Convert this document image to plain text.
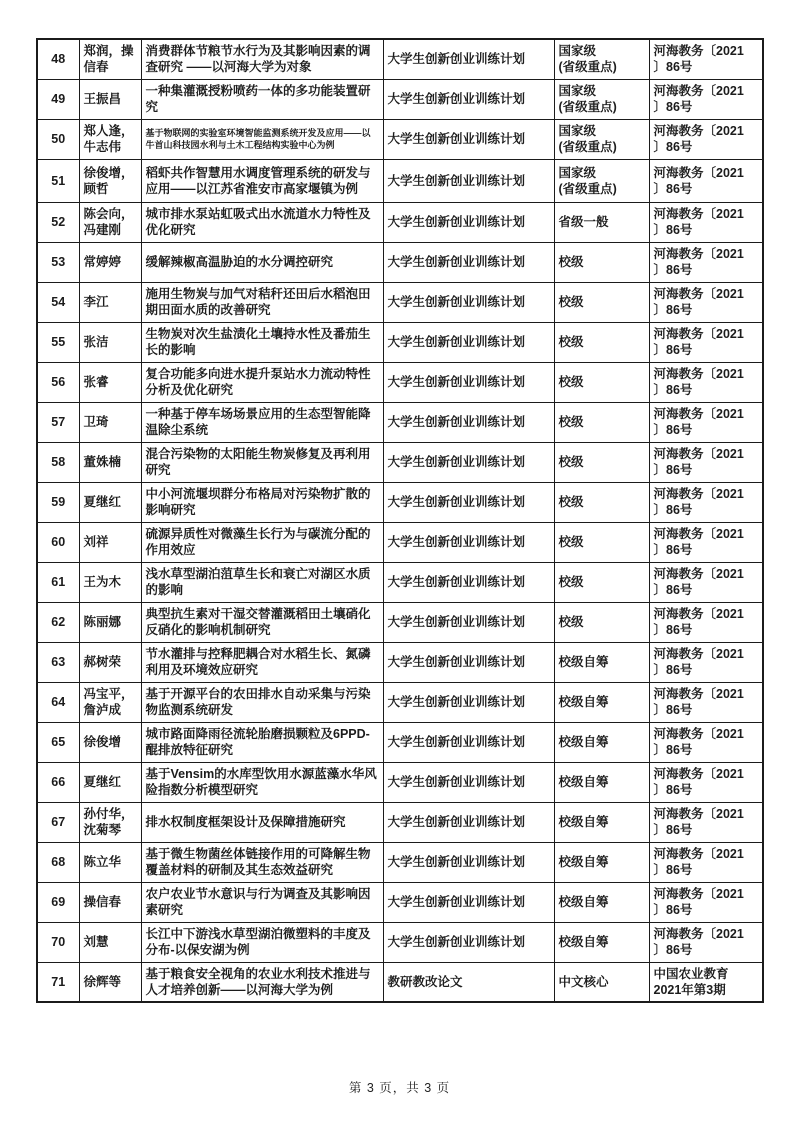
48	郑润，操信春	消费群体节粮节水行为及其影响因素的调查研究 ——以河海大学为对象	大学生创新创业训练计划	国家级
(省级重点)	河海教务〔2021
〕86号
49	王振昌	一种集灌溉授粉喷药一体的多功能装置研究	大学生创新创业训练计划	国家级
(省级重点)	河海教务〔2021
〕86号
50	郑人逢，牛志伟	基于物联网的实验室环境智能监测系统开发及应用——以牛首山科技园水利与土木工程结构实验中心为例	大学生创新创业训练计划	国家级
(省级重点)	河海教务〔2021
〕86号
51	徐俊增，顾哲	稻虾共作智慧用水调度管理系统的研发与应用——以江苏省淮安市高家堰镇为例	大学生创新创业训练计划	国家级
(省级重点)	河海教务〔2021
〕86号
52	陈会向，冯建刚	城市排水泵站虹吸式出水流道水力特性及优化研究	大学生创新创业训练计划	省级一般	河海教务〔2021
〕86号
53	常婷婷	缓解辣椒高温胁迫的水分调控研究	大学生创新创业训练计划	校级	河海教务〔2021
〕86号
54	李江	施用生物炭与加气对秸秆还田后水稻泡田期田面水质的改善研究	大学生创新创业训练计划	校级	河海教务〔2021
〕86号
55	张洁	生物炭对次生盐渍化土壤持水性及番茄生长的影响	大学生创新创业训练计划	校级	河海教务〔2021
〕86号
56	张睿	复合功能多向进水提升泵站水力流动特性分析及优化研究	大学生创新创业训练计划	校级	河海教务〔2021
〕86号
57	卫琦	一种基于停车场场景应用的生态型智能降温除尘系统	大学生创新创业训练计划	校级	河海教务〔2021
〕86号
58	董姝楠	混合污染物的太阳能生物炭修复及再利用研究	大学生创新创业训练计划	校级	河海教务〔2021
〕86号
59	夏继红	中小河流堰坝群分布格局对污染物扩散的影响研究	大学生创新创业训练计划	校级	河海教务〔2021
〕86号
60	刘祥	硫源异质性对微藻生长行为与碳流分配的作用效应	大学生创新创业训练计划	校级	河海教务〔2021
〕86号
61	王为木	浅水草型湖泊菹草生长和衰亡对湖区水质的影响	大学生创新创业训练计划	校级	河海教务〔2021
〕86号
62	陈丽娜	典型抗生素对干湿交替灌溉稻田土壤硝化反硝化的影响机制研究	大学生创新创业训练计划	校级	河海教务〔2021
〕86号
63	郝树荣	节水灌排与控释肥耦合对水稻生长、氮磷利用及环境效应研究	大学生创新创业训练计划	校级自筹	河海教务〔2021
〕86号
64	冯宝平，詹泸成	基于开源平台的农田排水自动采集与污染物监测系统研发	大学生创新创业训练计划	校级自筹	河海教务〔2021
〕86号
65	徐俊增	城市路面降雨径流轮胎磨损颗粒及6PPD-醌排放特征研究	大学生创新创业训练计划	校级自筹	河海教务〔2021
〕86号
66	夏继红	基于Vensim的水库型饮用水源蓝藻水华风险指数分析模型研究	大学生创新创业训练计划	校级自筹	河海教务〔2021
〕86号
67	孙付华，沈菊琴	排水权制度框架设计及保障措施研究	大学生创新创业训练计划	校级自筹	河海教务〔2021
〕86号
68	陈立华	基于微生物菌丝体链接作用的可降解生物覆盖材料的研制及其生态效益研究	大学生创新创业训练计划	校级自筹	河海教务〔2021
〕86号
69	操信春	农户农业节水意识与行为调查及其影响因素研究	大学生创新创业训练计划	校级自筹	河海教务〔2021
〕86号
70	刘慧	长江中下游浅水草型湖泊微塑料的丰度及分布-以保安湖为例	大学生创新创业训练计划	校级自筹	河海教务〔2021
〕86号
71	徐辉等	基于粮食安全视角的农业水利技术推进与人才培养创新——以河海大学为例	教研教改论文	中文核心	中国农业教育
2021年第3期
第 3 页，共 3 页
